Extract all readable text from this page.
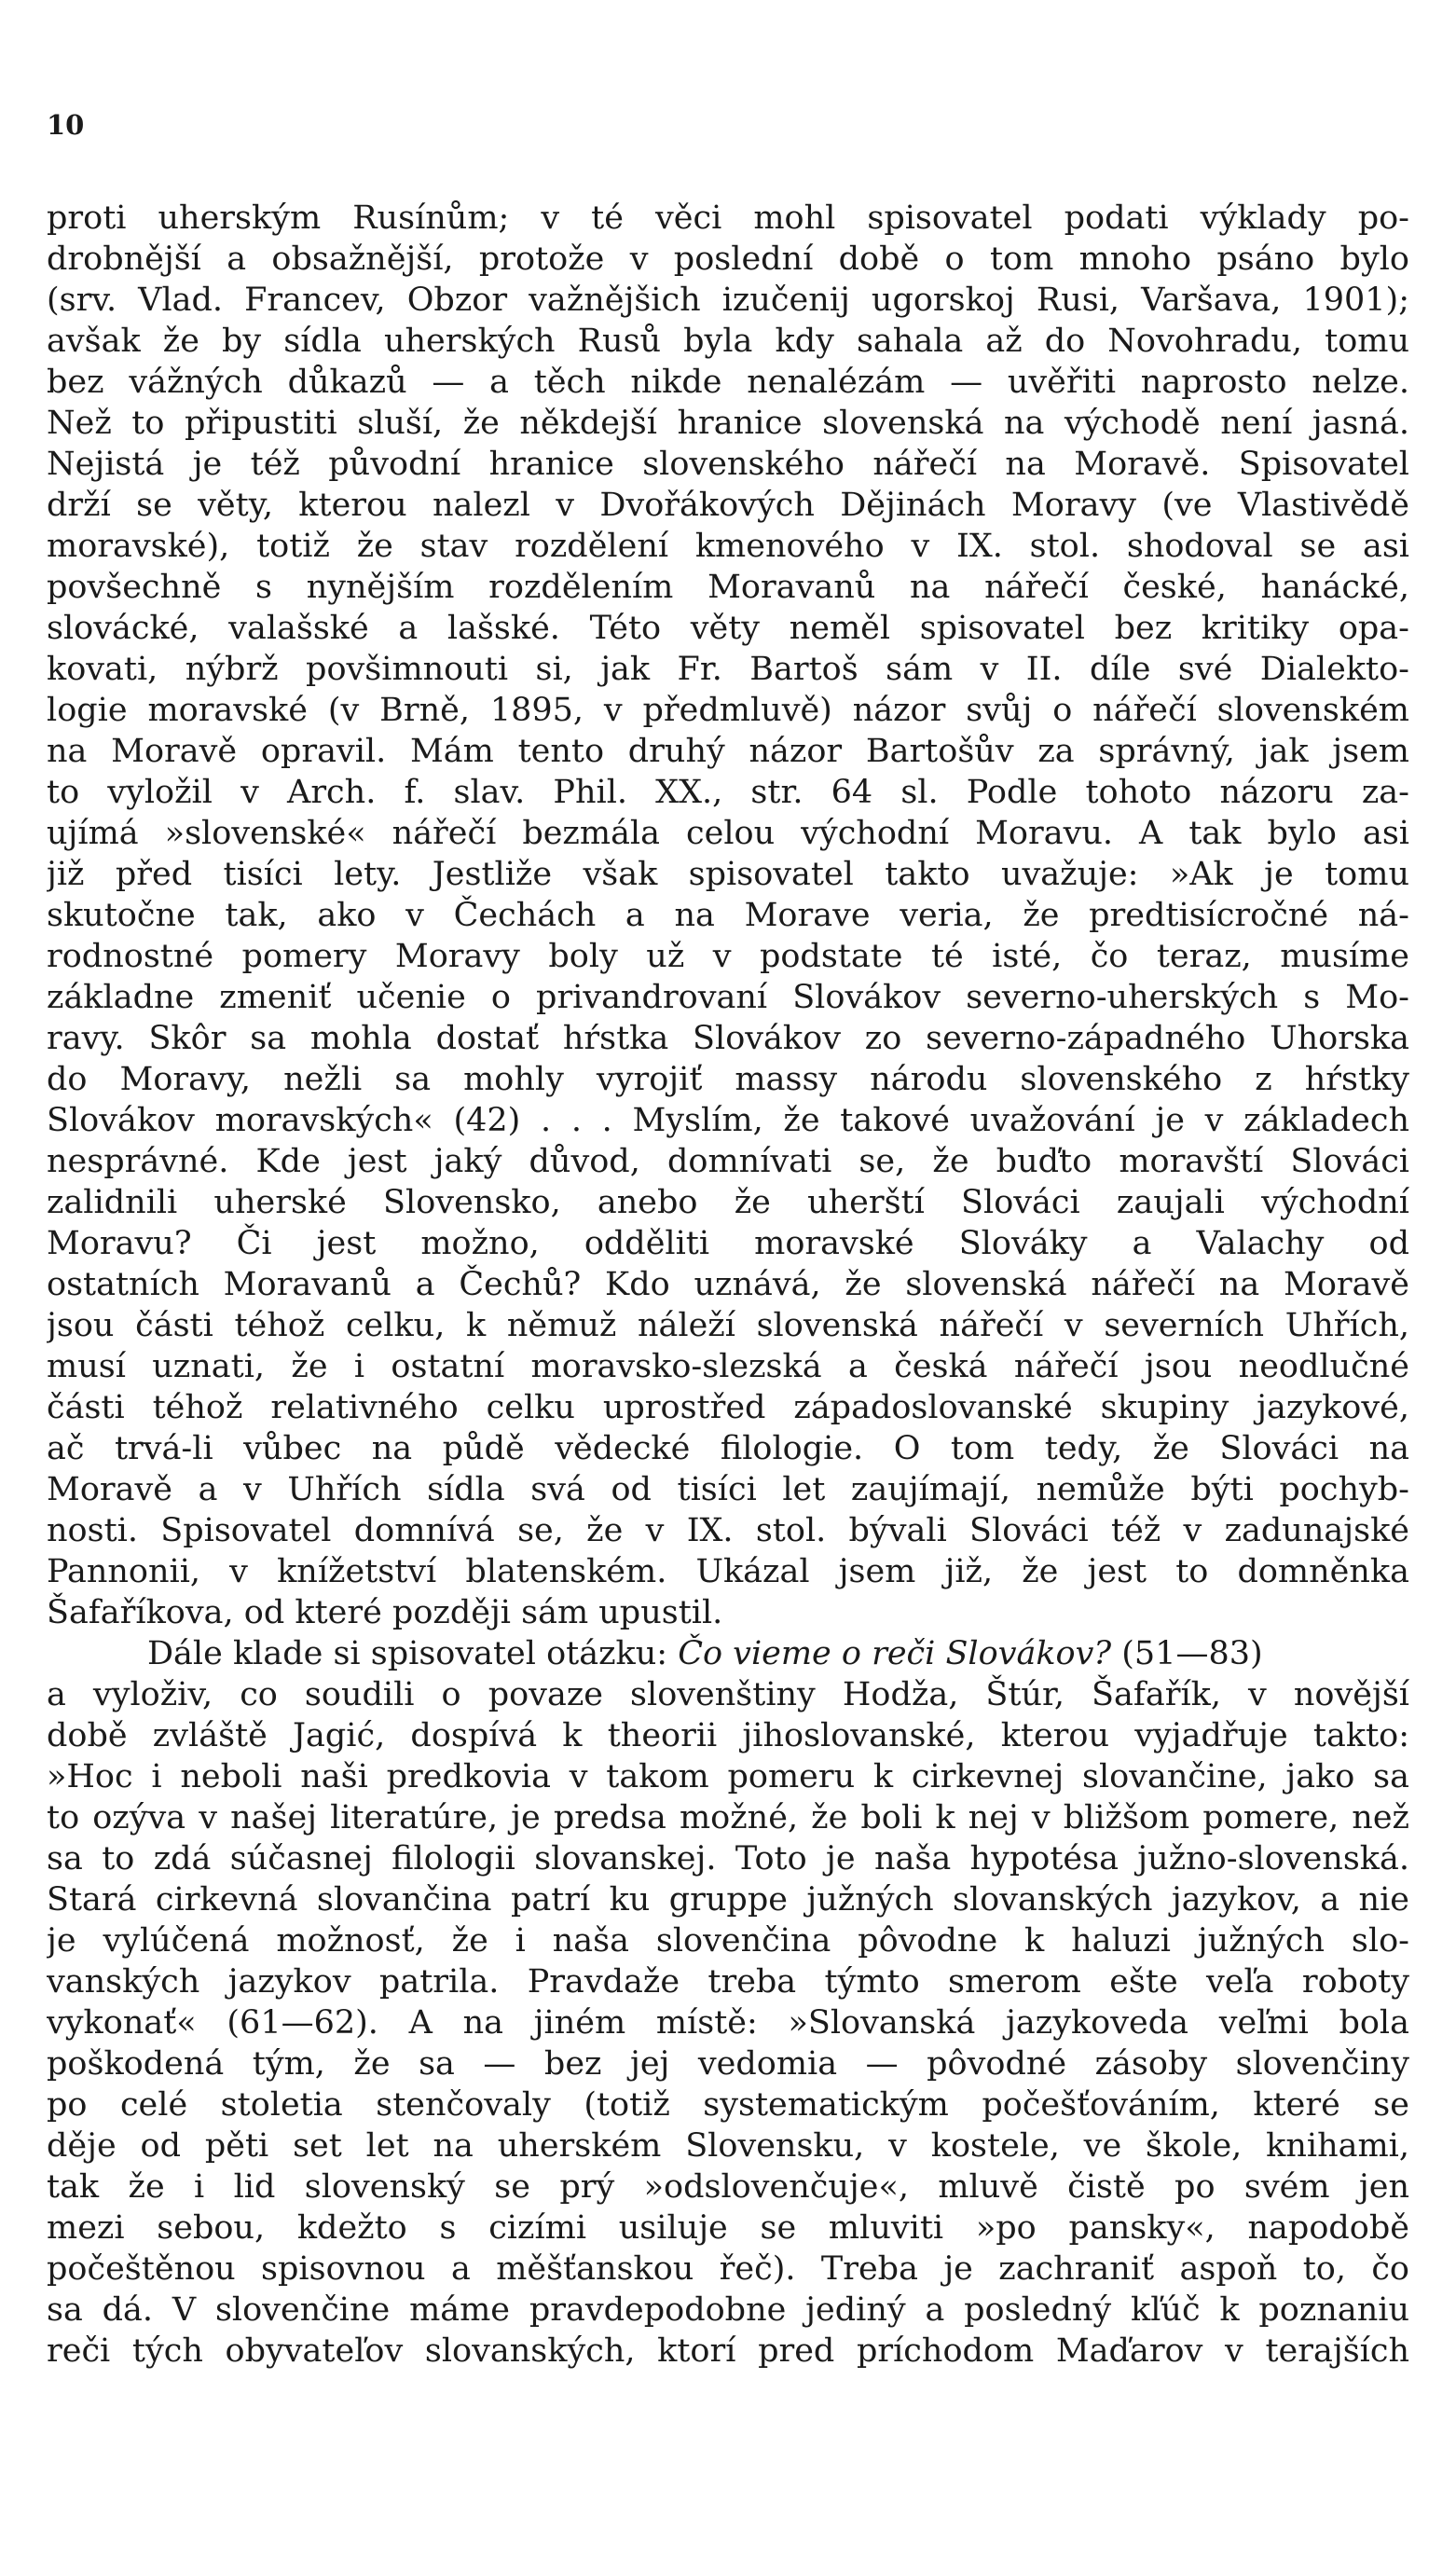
10
proti uherským Rusínům; v té věci mohl spisovatel podati výklady po-
drobnější a obsažnější, protože v poslední době o tom mnoho psáno bylo
(srv. Vlad. Francev, Obzor važnějšich izučenij ugorskoj Rusi, Varšava, 1901);
avšak že by sídla uherských Rusů byla kdy sahala až do Novohradu, tomu
bez vážných důkazů — a těch nikde nenalézám — uvěřiti naprosto nelze.
Než to připustiti sluší, že někdejší hranice slovenská na východě není jasná.
Nejistá je též původní hranice slovenského nářečí na Moravě. Spisovatel
drží se věty, kterou nalezl v Dvořákových Dějinách Moravy (ve Vlastivědě
moravské), totiž že stav rozdělení kmenového v IX. stol. shodoval se asi
povšechně s nynějším rozdělením Moravanů na nářečí české, hanácké,
slovácké, valašské a lašské. Této věty neměl spisovatel bez kritiky opa-
kovati, nýbrž povšimnouti si, jak Fr. Bartoš sám v II. díle své Dialekto-
logie moravské (v Brně, 1895, v předmluvě) názor svůj o nářečí slovenském
na Moravě opravil. Mám tento druhý názor Bartošův za správný, jak jsem
to vyložil v Arch. f. slav. Phil. XX., str. 64 sl. Podle tohoto názoru za-
ujímá »slovenské« nářečí bezmála celou východní Moravu. A tak bylo asi
již před tisíci lety. Jestliže však spisovatel takto uvažuje: »Ak je tomu
skutočne tak, ako v Čechách a na Morave veria, že predtisícročné ná-
rodnostné pomery Moravy boly už v podstate té isté, čo teraz, musíme
základne zmeniť učenie o privandrovaní Slovákov severno-uherských s Mo-
ravy. Skôr sa mohla dostať hŕstka Slovákov zo severno-západného Uhorska
do Moravy, nežli sa mohly vyrojiť massy národu slovenského z hŕstky
Slovákov moravských« (42) . . . Myslím, že takové uvažování je v základech
nesprávné. Kde jest jaký důvod, domnívati se, že buďto moravští Slováci
zalidnili uherské Slovensko, anebo že uherští Slováci zaujali východní
Moravu? Či jest možno, odděliti moravské Slováky a Valachy od
ostatních Moravanů a Čechů? Kdo uznává, že slovenská nářečí na Moravě
jsou části téhož celku, k němuž náleží slovenská nářečí v severních Uhřích,
musí uznati, že i ostatní moravsko-slezská a česká nářečí jsou neodlučné
části téhož relativného celku uprostřed západoslovanské skupiny jazykové,
ač trvá-li vůbec na půdě vědecké filologie. O tom tedy, že Slováci na
Moravě a v Uhřích sídla svá od tisíci let zaujímají, nemůže býti pochyb-
nosti. Spisovatel domnívá se, že v IX. stol. bývali Slováci též v zadunajské
Pannonii, v knížetství blatenském. Ukázal jsem již, že jest to domněnka
Šafaříkova, od které později sám upustil.
Dále klade si spisovatel otázku: Čo vieme o reči Slovákov? (51—83)
a vyloživ, co soudili o povaze slovenštiny Hodža, Štúr, Šafařík, v novější
době zvláště Jagić, dospívá k theorii jihoslovanské, kterou vyjadřuje takto:
»Hoc i neboli naši predkovia v takom pomeru k cirkevnej slovančine, jako sa
to ozýva v našej literatúre, je predsa možné, že boli k nej v bližšom pomere, než
sa to zdá súčasnej filologii slovanskej. Toto je naša hypotésa južno-slovenská.
Stará cirkevná slovančina patrí ku gruppe južných slovanských jazykov, a nie
je vylúčená možnosť, že i naša slovenčina pôvodne k haluzi južných slo-
vanských jazykov patrila. Pravdaže treba týmto smerom ešte veľa roboty
vykonať« (61—62). A na jiném místě: »Slovanská jazykoveda veľmi bola
poškodená tým, že sa — bez jej vedomia — pôvodné zásoby slovenčiny
po celé stoletia stenčovaly (totiž systematickým počešťováním, které se
děje od pěti set let na uherském Slovensku, v kostele, ve škole, knihami,
tak že i lid slovenský se prý »odslovenčuje«, mluvě čistě po svém jen
mezi sebou, kdežto s cizími usiluje se mluviti »po pansky«, napodobě
počeštěnou spisovnou a měšťanskou řeč). Treba je zachraniť aspoň to, čo
sa dá. V slovenčine máme pravdepodobne jediný a posledný kľúč k poznaniu
reči tých obyvateľov slovanských, ktorí pred príchodom Maďarov v terajších
